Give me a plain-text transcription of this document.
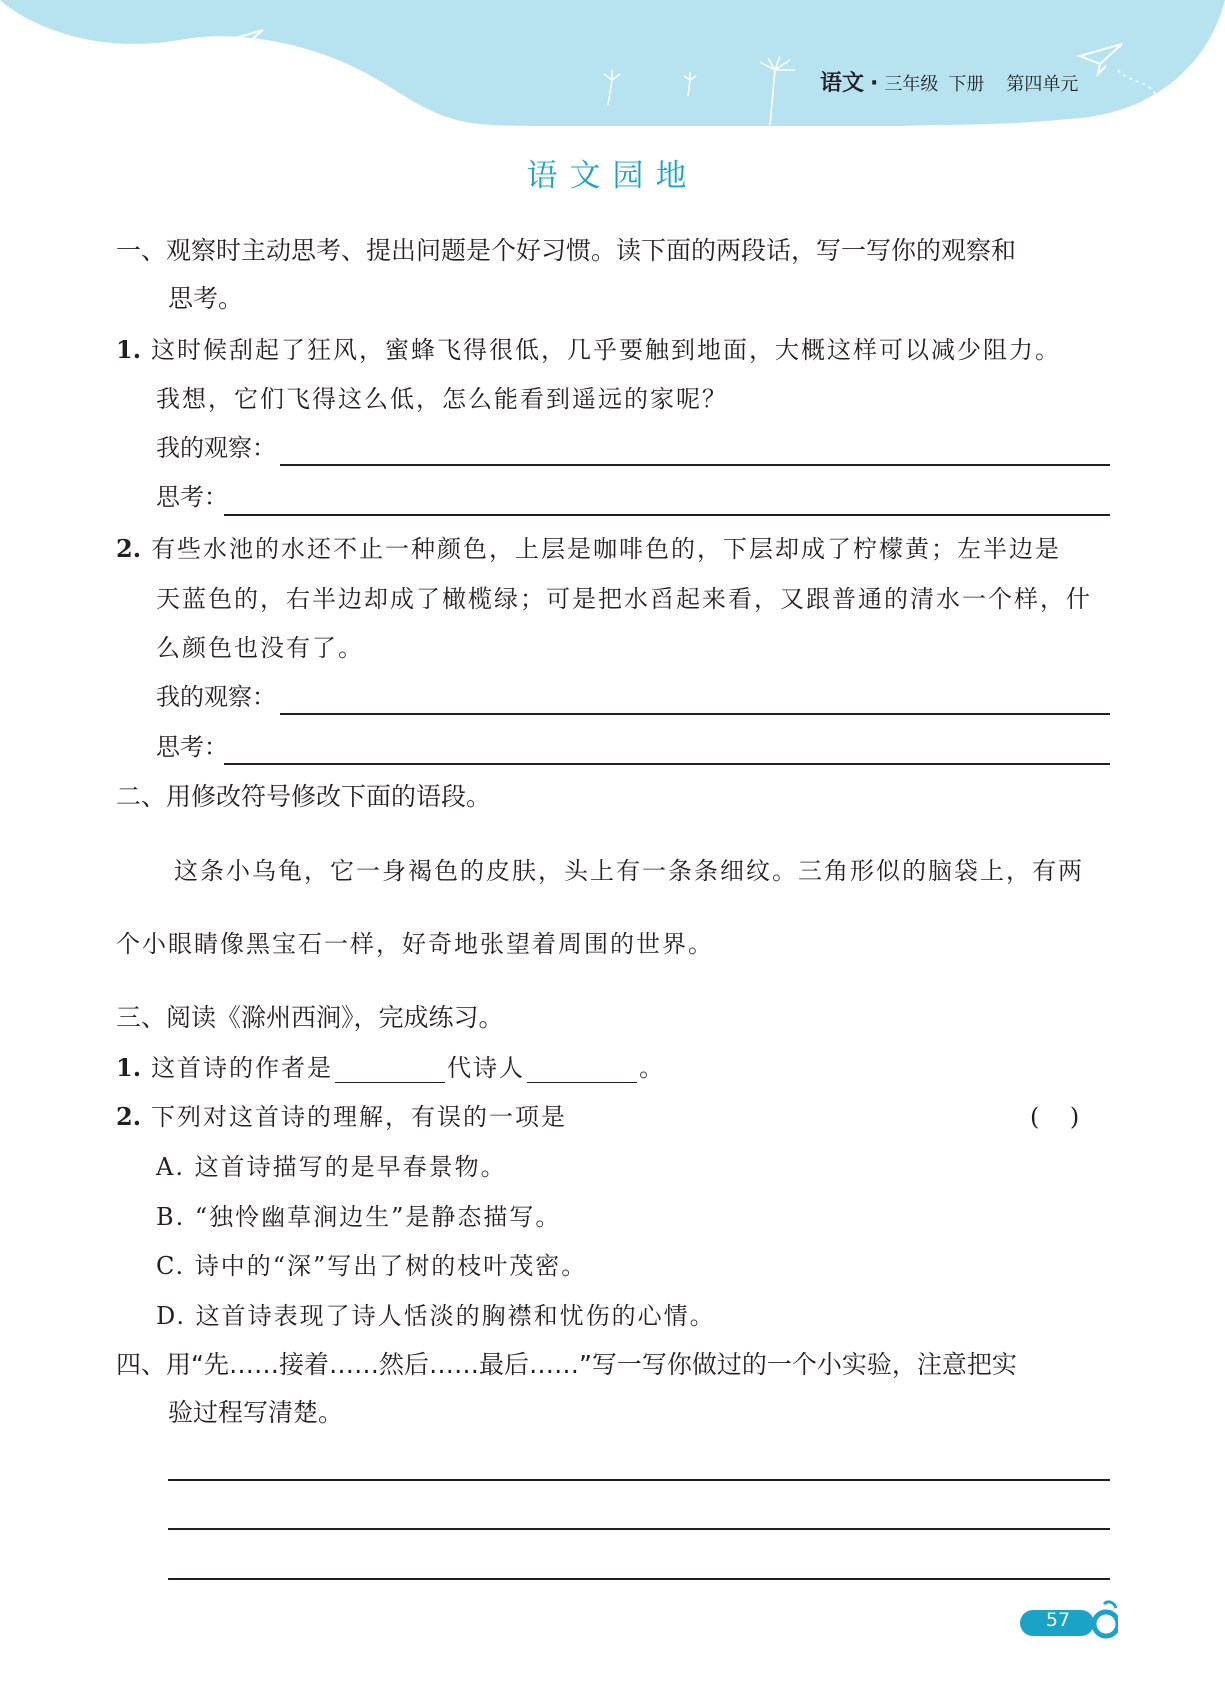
语文 · 三年级 下册 第四单元
语文园地
一、观察时主动思考、提出问题是个好习惯。读下面的两段话，写一写你的观察和
思考。
1. 这时候刮起了狂风，蜜蜂飞得很低，几乎要触到地面，大概这样可以减少阻力。
我想，它们飞得这么低，怎么能看到遥远的家呢？
我的观察：
思考：
2. 有些水池的水还不止一种颜色，上层是咖啡色的，下层却成了柠檬黄；左半边是
天蓝色的，右半边却成了橄榄绿；可是把水舀起来看，又跟普通的清水一个样，什
么颜色也没有了。
我的观察：
思考：
二、用修改符号修改下面的语段。
这条小乌龟，它一身褐色的皮肤，头上有一条条细纹。三角形似的脑袋上，有两
个小眼睛像黑宝石一样，好奇地张望着周围的世界。
三、阅读《滁州西涧》，完成练习。
1. 这首诗的作者是	代诗人	。
2. 下列对这首诗的理解，有误的一项是	(    )
A. 这首诗描写的是早春景物。
B. “独怜幽草涧边生”是静态描写。
C. 诗中的“深”写出了树的枝叶茂密。
D. 这首诗表现了诗人恬淡的胸襟和忧伤的心情。
四、用“先……接着……然后……最后……”写一写你做过的一个小实验，注意把实
验过程写清楚。
57
